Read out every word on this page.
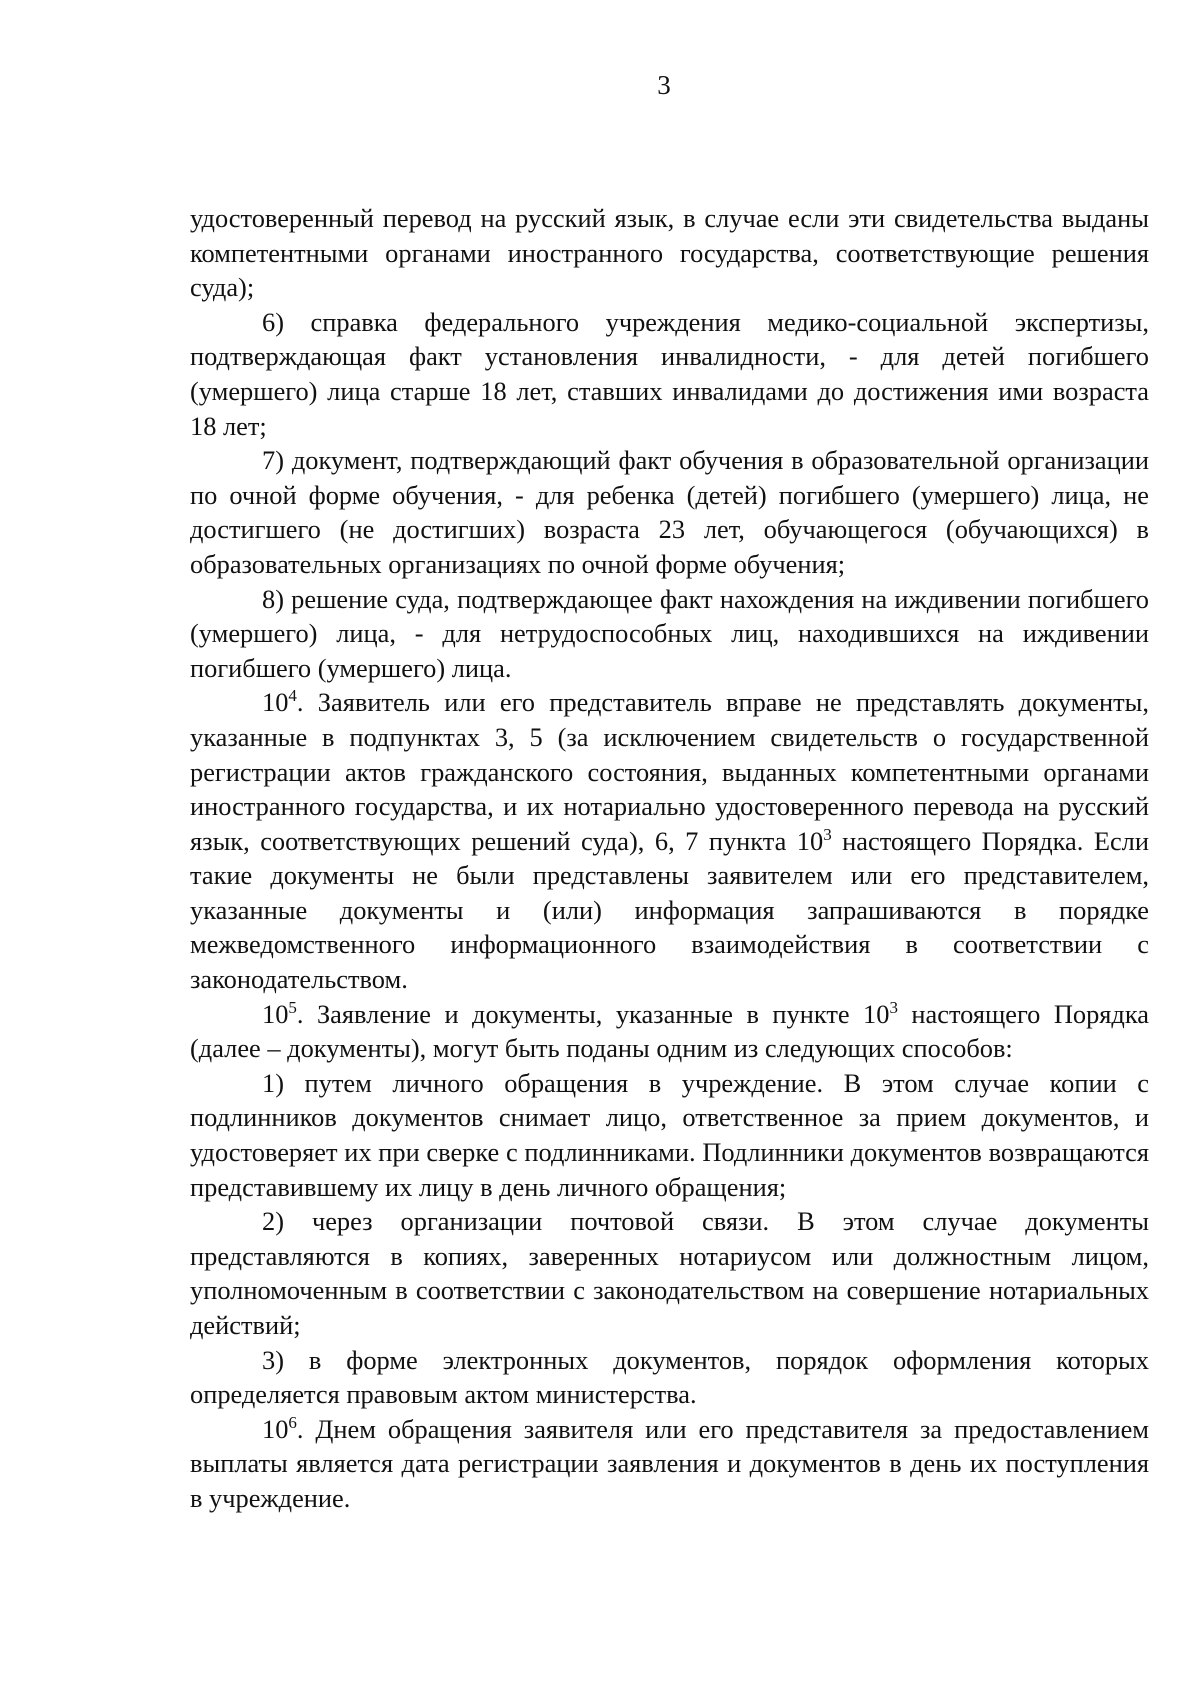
3

удостоверенный перевод на русский язык, в случае если эти свидетельства выданы компетентными органами иностранного государства, соответствующие решения суда);

6) справка федерального учреждения медико-социальной экспертизы, подтверждающая факт установления инвалидности, - для детей погибшего (умершего) лица старше 18 лет, ставших инвалидами до достижения ими возраста 18 лет;

7) документ, подтверждающий факт обучения в образовательной организации по очной форме обучения, - для ребенка (детей) погибшего (умершего) лица, не достигшего (не достигших) возраста 23 лет, обучающегося (обучающихся) в образовательных организациях по очной форме обучения;

8) решение суда, подтверждающее факт нахождения на иждивении погибшего (умершего) лица, - для нетрудоспособных лиц, находившихся на иждивении погибшего (умершего) лица.

$10^4$. Заявитель или его представитель вправе не представлять документы, указанные в подпунктах 3, 5 (за исключением свидетельств о государственной регистрации актов гражданского состояния, выданных компетентными органами иностранного государства, и их нотариально удостоверенного перевода на русский язык, соответствующих решений суда), 6, 7 пункта $10^3$ настоящего Порядка. Если такие документы не были представлены заявителем или его представителем, указанные документы и (или) информация запрашиваются в порядке межведомственного информационного взаимодействия в соответствии с законодательством.

$10^5$. Заявление и документы, указанные в пункте $10^3$ настоящего Порядка (далее – документы), могут быть поданы одним из следующих способов:

1) путем личного обращения в учреждение. В этом случае копии с подлинников документов снимает лицо, ответственное за прием документов, и удостоверяет их при сверке с подлинниками. Подлинники документов возвращаются представившему их лицу в день личного обращения;

2) через организации почтовой связи. В этом случае документы представляются в копиях, заверенных нотариусом или должностным лицом, уполномоченным в соответствии с законодательством на совершение нотариальных действий;

3) в форме электронных документов, порядок оформления которых определяется правовым актом министерства.

$10^6$. Днем обращения заявителя или его представителя за предоставлением выплаты является дата регистрации заявления и документов в день их поступления в учреждение.
